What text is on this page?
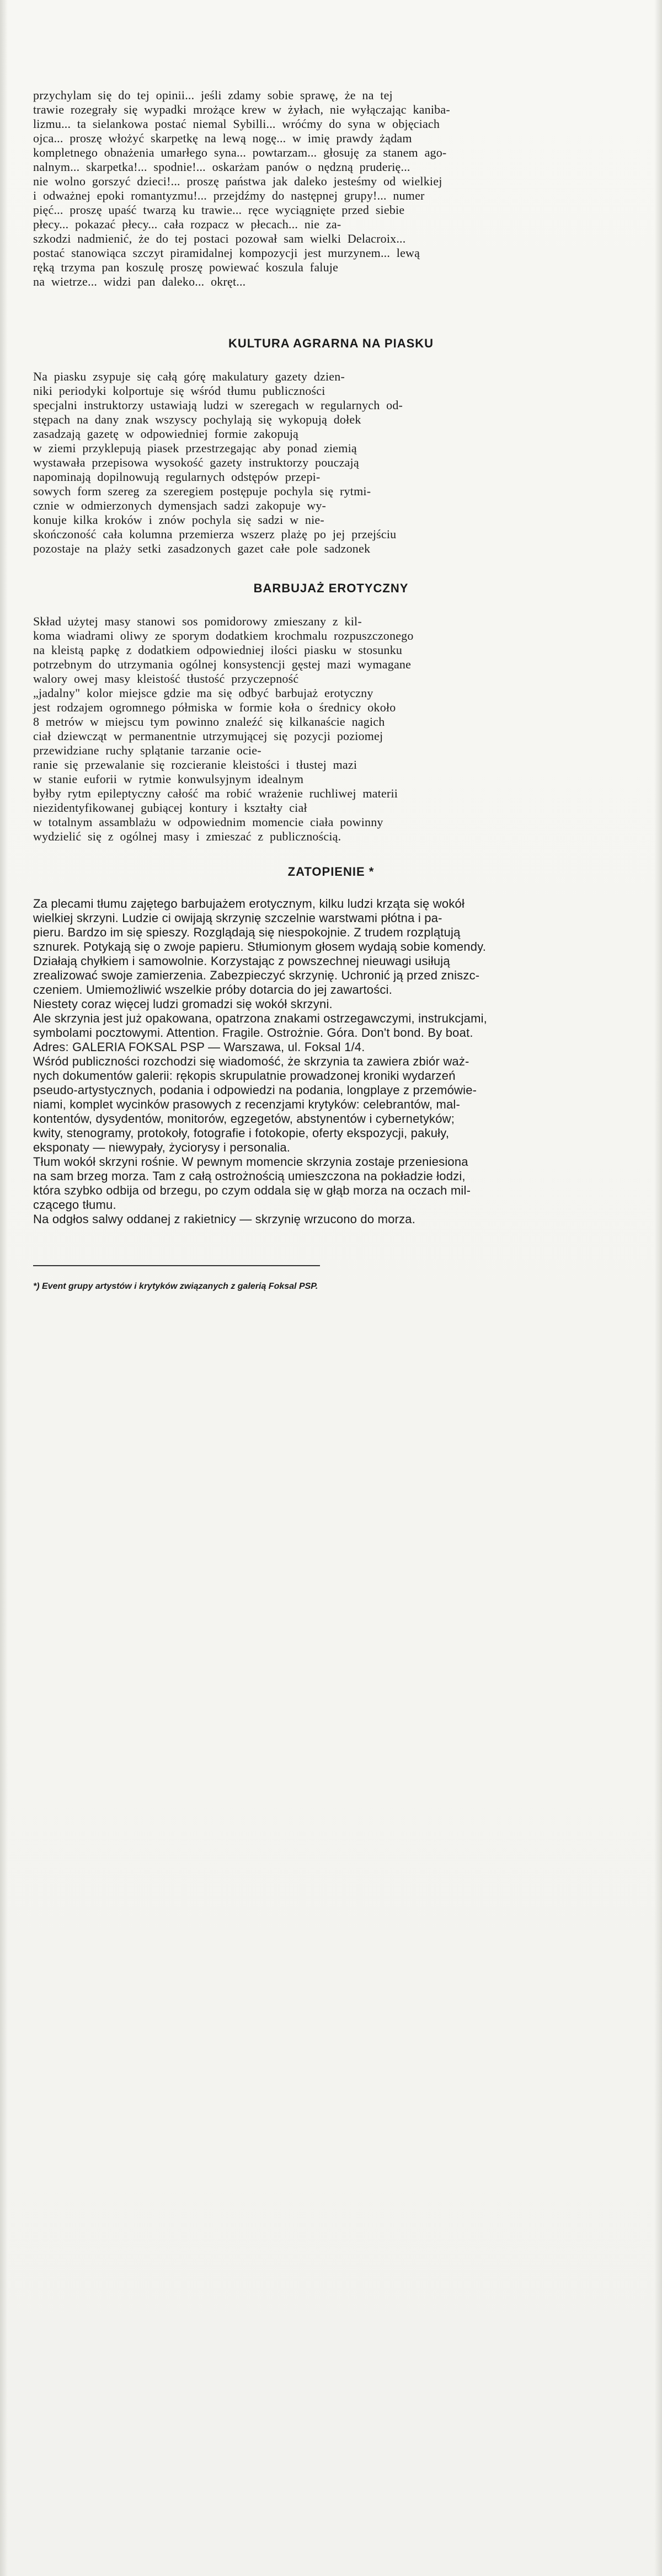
przychylam się do tej opinii... jeśli zdamy sobie sprawę, że na tej
trawie rozegrały się wypadki mrożące krew w żyłach, nie wyłączając kaniba-
lizmu... ta sielankowa postać niemal Sybilli... wróćmy do syna w objęciach
ojca... proszę włożyć skarpetkę na lewą nogę... w imię prawdy żądam
kompletnego obnażenia umarłego syna... powtarzam... głosuję za stanem ago-
nalnym... skarpetka!... spodnie!... oskarżam panów o nędzną pruderię...
nie wolno gorszyć dzieci!... proszę państwa jak daleko jesteśmy od wielkiej
i odważnej epoki romantyzmu!... przejdźmy do następnej grupy!... numer
pięć... proszę upaść twarzą ku trawie... ręce wyciągnięte przed siebie
płecy... pokazać płecy... cała rozpacz w płecach... nie za-
szkodzi nadmienić, że do tej postaci pozował sam wielki Delacroix...
postać stanowiąca szczyt piramidalnej kompozycji jest murzynem... lewą
ręką trzyma pan koszulę proszę powiewać koszula faluje
na wietrze... widzi pan daleko... okręt...
KULTURA AGRARNA NA PIASKU
Na piasku zsypuje się całą górę makulatury gazety dzien-
niki periodyki kolportuje się wśród tłumu publiczności
specjalni instruktorzy ustawiają ludzi w szeregach w regularnych od-
stępach na dany znak wszyscy pochylają się wykopują dołek
zasadzają gazetę w odpowiedniej formie zakopują
w ziemi przyklepują piasek przestrzegając aby ponad ziemią
wystawała przepisowa wysokość gazety instruktorzy pouczają
napominają dopilnowują regularnych odstępów przepi-
sowych form szereg za szeregiem postępuje pochyla się rytmi-
cznie w odmierzonych dymensjach sadzi zakopuje wy-
konuje kilka kroków i znów pochyla się sadzi w nie-
skończoność cała kolumna przemierza wszerz plażę po jej przejściu
pozostaje na plaży setki zasadzonych gazet całe pole sadzonek
BARBUJAŻ EROTYCZNY
Skład użytej masy stanowi sos pomidorowy zmieszany z kil-
koma wiadrami oliwy ze sporym dodatkiem krochmalu rozpuszczonego
na kleistą papkę z dodatkiem odpowiedniej ilości piasku w stosunku
potrzebnym do utrzymania ogólnej konsystencji gęstej mazi wymagane
walory owej masy kleistość tłustość przyczepność
„jadalny" kolor miejsce gdzie ma się odbyć barbujaż erotyczny
jest rodzajem ogromnego półmiska w formie koła o średnicy około
8 metrów w miejscu tym powinno znaleźć się kilkanaście nagich
ciał dziewcząt w permanentnie utrzymującej się pozycji poziomej
przewidziane ruchy splątanie tarzanie ocie-
ranie się przewalanie się rozcieranie kleistości i tłustej mazi
w stanie euforii w rytmie konwulsyjnym idealnym
byłby rytm epileptyczny całość ma robić wrażenie ruchliwej materii
niezidentyfikowanej gubiącej kontury i kształty ciał
w totalnym assamblażu w odpowiednim momencie ciała powinny
wydzielić się z ogólnej masy i zmieszać z publicznością.
ZATOPIENIE *
Za plecami tłumu zajętego barbujażem erotycznym, kilku ludzi krząta się wokół
wielkiej skrzyni. Ludzie ci owijają skrzynię szczelnie warstwami płótna i pa-
pieru. Bardzo im się spieszy. Rozglądają się niespokojnie. Z trudem rozplątują
sznurek. Potykają się o zwoje papieru. Stłumionym głosem wydają sobie komendy.
Działają chyłkiem i samowolnie. Korzystając z powszechnej nieuwagi usiłują
zrealizować swoje zamierzenia. Zabezpieczyć skrzynię. Uchronić ją przed zniszc-
czeniem. Umiemożliwić wszelkie próby dotarcia do jej zawartości.
Niestety coraz więcej ludzi gromadzi się wokół skrzyni.
Ale skrzynia jest już opakowana, opatrzona znakami ostrzegawczymi, instrukcjami,
symbolami pocztowymi. Attention. Fragile. Ostrożnie. Góra. Don't bond. By boat.
Adres: GALERIA FOKSAL PSP — Warszawa, ul. Foksal 1/4.
Wśród publiczności rozchodzi się wiadomość, że skrzynia ta zawiera zbiór waż-
nych dokumentów galerii: rękopis skrupulatnie prowadzonej kroniki wydarzeń
pseudo-artystycznych, podania i odpowiedzi na podania, longplaye z przemówie-
niami, komplet wycinków prasowych z recenzjami krytyków: celebrantów, mal-
kontentów, dysydentów, monitorów, egzegetów, abstynentów i cybernetyków;
kwity, stenogramy, protokoły, fotografie i fotokopie, oferty ekspozycji, pakuły,
eksponaty — niewypały, życiorysy i personalia.
Tłum wokół skrzyni rośnie. W pewnym momencie skrzynia zostaje przeniesiona
na sam brzeg morza. Tam z całą ostrożnością umieszczona na pokładzie łodzi,
która szybko odbija od brzegu, po czym oddala się w głąb morza na oczach mil-
czącego tłumu.
Na odgłos salwy oddanej z rakietnicy — skrzynię wrzucono do morza.

*) Event grupy artystów i krytyków związanych z galerią Foksal PSP.
